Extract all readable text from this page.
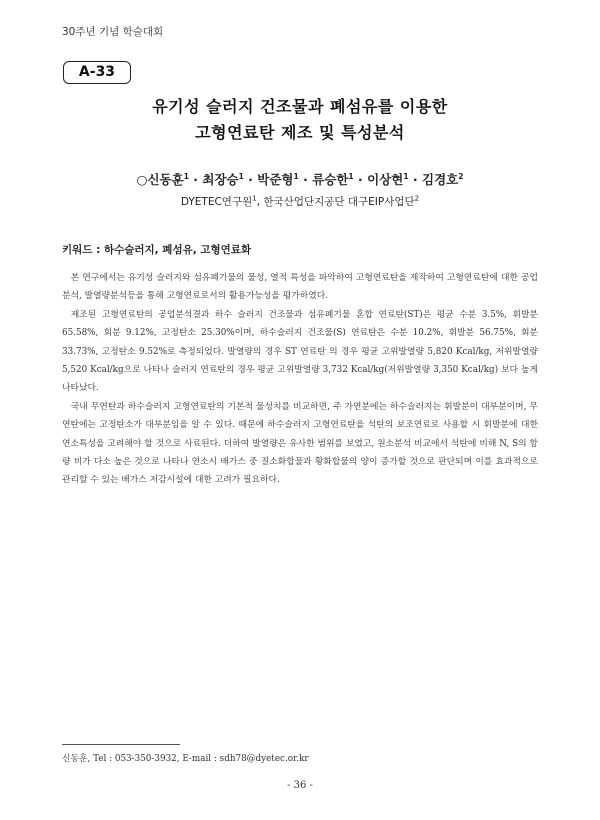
30주년 기념 학술대회
A-33
유기성 슬러지 건조물과 폐섬유를 이용한
고형연료탄 제조 및 특성분석
○신동훈$^1$ · 최장승$^1$ · 박준형$^1$ · 류승한$^1$ · 이상현$^1$ · 김경호$^2$
DYETEC연구원$^1$, 한국산업단지공단 대구EIP사업단$^2$
키워드 : 하수슬러지, 폐섬유, 고형연료화

본 연구에서는 유기성 슬러지와 섬유폐기물의 물성, 열적 특성을 파악하여 고형연료탄을 제작하여 고형연료탄에 대한 공업분석, 발열량분석등을 통해 고형연료로서의 활용가능성을 평가하였다.

제조된 고형연료탄의 공업분석결과 하수 슬러지 건조물과 섬유폐기물 혼합 연료탄(ST)은 평균 수분 3.5%, 휘발분 65.58%, 회분 9.12%, 고정탄소 25.30%이며, 하수슬러지 건조물(S) 연료탄은 수분 10.2%, 휘발분 56.75%, 회분 33.73%, 고정탄소 9.52%로 측정되었다. 발열량의 경우 ST 연료탄 의 경우 평균 고위발열량 5,820 Kcal/kg, 저위발열량 5,520 Kcal/kg으로 나타나 슬러지 연료탄의 경우 평균 고위발열량 3,732 Kcal/kg(저위발열량 3,350 Kcal/kg) 보다 높게 나타났다.

국내 무연탄과 하수슬러지 고형연료탄의 기본적 물성치를 비교하면, 주 가연분에는 하수슬러지는 휘발분이 대부분이며, 무연탄에는 고정탄소가 대부분임을 알 수 있다. 때문에 하수슬러지 고형연료탄을 석탄의 보조연료로 사용할 시 휘발분에 대한 연소특성을 고려해야 할 것으로 사료된다. 더하여 발열량은 유사한 범위를 보였고, 원소분석 비교에서 석탄에 비해 N, S의 함량 비가 다소 높은 것으로 나타나 연소시 배가스 중 질소화합물과 황화합물의 양이 증가할 것으로 판단되며 이를 효과적으로 관리할 수 있는 배가스 저감시설에 대한 고려가 필요하다.

신동훈, Tel : 053-350-3932, E-mail : sdh78@dyetec.or.kr
- 36 -
